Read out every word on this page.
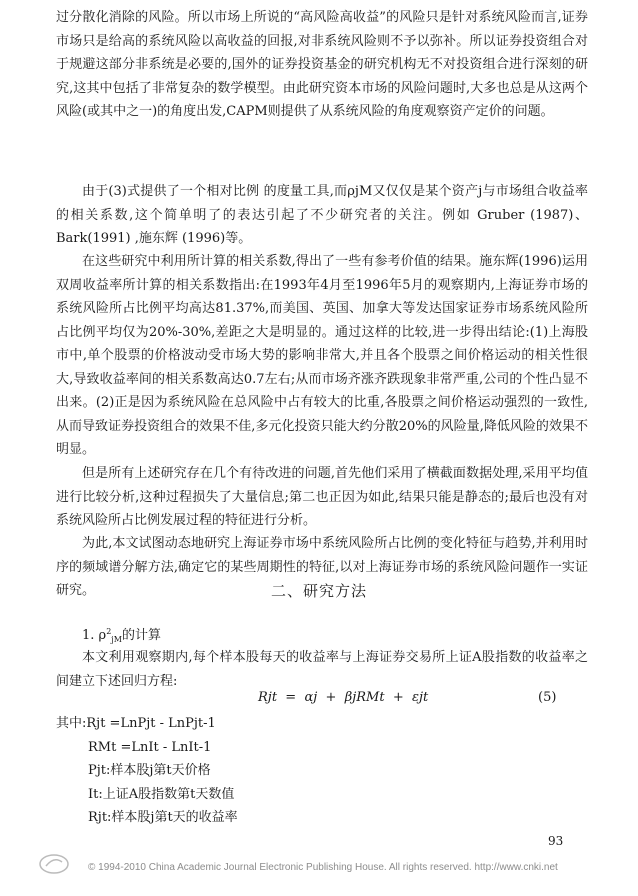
过分散化消除的风险。所以市场上所说的“高风险高收益”的风险只是针对系统风险而言,证券市场只是给高的系统风险以高收益的回报,对非系统风险则不予以弥补。所以证券投资组合对于规避这部分非系统是必要的,国外的证券投资基金的研究机构无不对投资组合进行深刻的研究,这其中包括了非常复杂的数学模型。由此研究资本市场的风险问题时,大多也总是从这两个风险(或其中之一)的角度出发,CAPM则提供了从系统风险的角度观察资产定价的问题。

由于(3)式提供了一个相对比例 的度量工具,而ρjM又仅仅是某个资产j与市场组合收益率的相关系数,这个简单明了的表达引起了不少研究者的关注。例如 Gruber (1987)、Bark(1991) ,施东辉 (1996)等。

在这些研究中利用所计算的相关系数,得出了一些有参考价值的结果。施东辉(1996)运用双周收益率所计算的相关系数指出:在1993年4月至1996年5月的观察期内,上海证券市场的系统风险所占比例平均高达81.37%,而美国、英国、加拿大等发达国家证券市场系统风险所占比例平均仅为20%-30%,差距之大是明显的。通过这样的比较,进一步得出结论:(1)上海股市中,单个股票的价格波动受市场大势的影响非常大,并且各个股票之间价格运动的相关性很大,导致收益率间的相关系数高达0.7左右;从而市场齐涨齐跌现象非常严重,公司的个性凸显不出来。(2)正是因为系统风险在总风险中占有较大的比重,各股票之间价格运动强烈的一致性,从而导致证券投资组合的效果不佳,多元化投资只能大约分散20%的风险量,降低风险的效果不明显。

但是所有上述研究存在几个有待改进的问题,首先他们采用了横截面数据处理,采用平均值进行比较分析,这种过程损失了大量信息;第二也正因为如此,结果只能是静态的;最后也没有对系统风险所占比例发展过程的特征进行分析。

为此,本文试图动态地研究上海证券市场中系统风险所占比例的变化特征与趋势,并利用时序的频域谱分解方法,确定它的某些周期性的特征,以对上海证券市场的系统风险问题作一实证研究。	二、研究方法
1. $\rho^2_{jM}$的计算

本文利用观察期内,每个样本股每天的收益率与上海证券交易所上证A股指数的收益率之间建立下述回归方程:

Rjt  =  αj  +  βjRMt  +  εjt	(5)
其中:Rjt =LnPjt - LnPjt-1
RMt =LnIt - LnIt-1
Pjt:样本股j第t天价格
It:上证A股指数第t天数值
Rjt:样本股j第t天的收益率
93
© 1994-2010 China Academic Journal Electronic Publishing House. All rights reserved. http://www.cnki.net
